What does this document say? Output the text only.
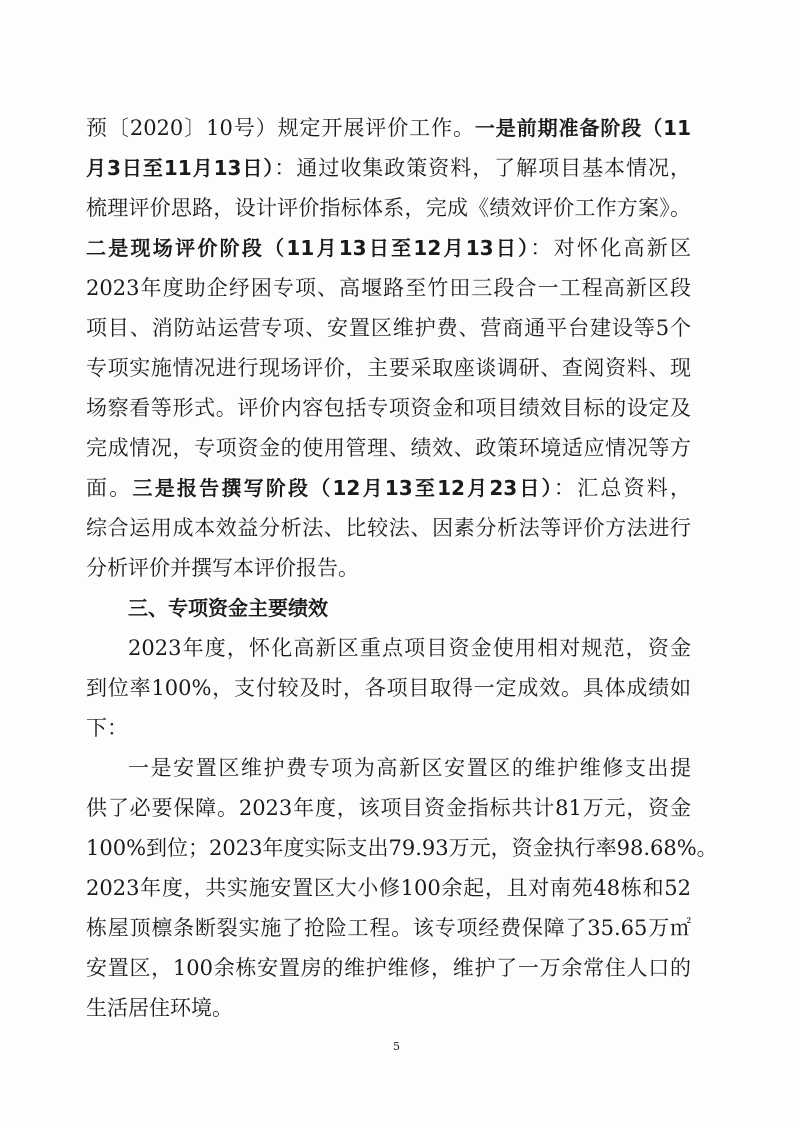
预〔2020〕10号）规定开展评价工作。一是前期准备阶段（11
月3日至11月13日）：通过收集政策资料，了解项目基本情况，
梳理评价思路，设计评价指标体系，完成《绩效评价工作方案》。
二是现场评价阶段（11月13日至12月13日）：对怀化高新区
2023年度助企纾困专项、高堰路至竹田三段合一工程高新区段
项目、消防站运营专项、安置区维护费、营商通平台建设等5个
专项实施情况进行现场评价，主要采取座谈调研、查阅资料、现
场察看等形式。评价内容包括专项资金和项目绩效目标的设定及
完成情况，专项资金的使用管理、绩效、政策环境适应情况等方
面。三是报告撰写阶段（12月13至12月23日）：汇总资料，
综合运用成本效益分析法、比较法、因素分析法等评价方法进行
分析评价并撰写本评价报告。
三、专项资金主要绩效
2023年度，怀化高新区重点项目资金使用相对规范，资金
到位率100%，支付较及时，各项目取得一定成效。具体成绩如
下：
一是安置区维护费专项为高新区安置区的维护维修支出提
供了必要保障。2023年度，该项目资金指标共计81万元，资金
100%到位；2023年度实际支出79.93万元，资金执行率98.68%。
2023年度，共实施安置区大小修100余起，且对南苑48栋和52
栋屋顶檩条断裂实施了抢险工程。该专项经费保障了35.65万㎡
安置区，100余栋安置房的维护维修，维护了一万余常住人口的
生活居住环境。
5
